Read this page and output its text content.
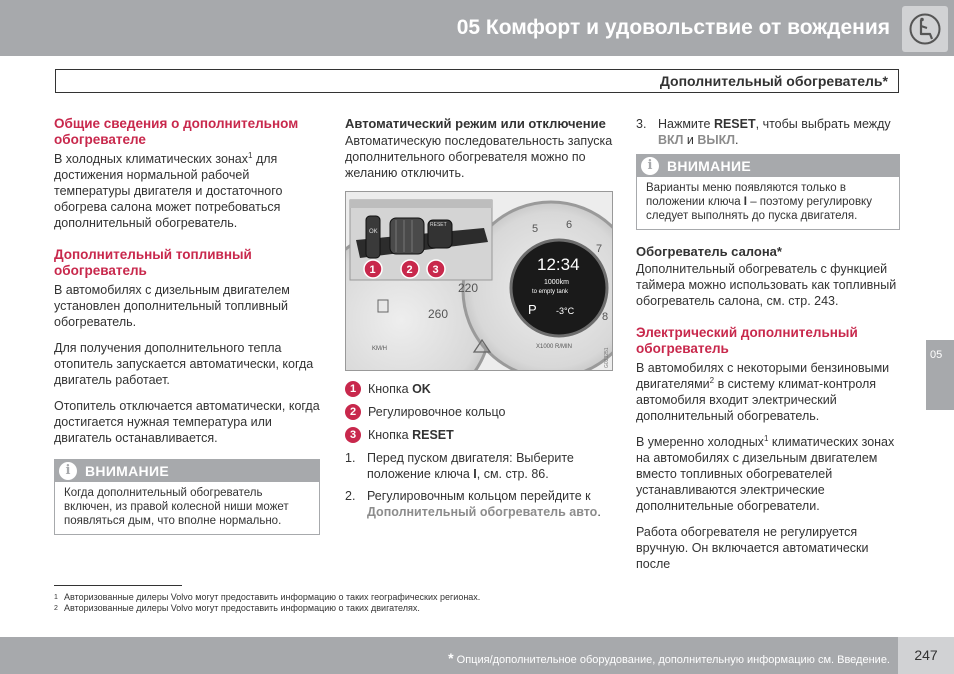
05 Комфорт и удовольствие от вождения
Дополнительный обогреватель*
Общие сведения о дополнительном обогревателе

В холодных климатических зонах$^1$ для достижения нормальной рабочей температуры двигателя и достаточного обогрева салона может потребоваться дополнительный обогреватель.

Дополнительный топливный обогреватель

В автомобилях с дизельным двигателем установлен дополнительный топливный обогреватель.

Для получения дополнительного тепла отопитель запускается автоматически, когда двигатель работает.

Отопитель отключается автоматически, когда достигается нужная температура или двигатель останавливается.

i	ВНИМАНИЕ
Когда дополнительный обогреватель включен, из правой колесной ниши может появляться дым, что вполне нормально.
Автоматический режим или отключение

Автоматическую последовательность запуска дополнительного обогревателя можно по желанию отключить.

OK
RESET
260
220
KM/H
5	6
7
8
X1000 R/MIN
12:34
1000km
to empty tank
P -3°C
G033251
1	2 3
1 Кнопка OK
2 Регулировочное кольцо
3 Кнопка RESET
1. Перед пуском двигателя: Выберите положение ключа I, см. стр. 86.
2. Регулировочным кольцом перейдите к Дополнительный обогреватель авто.
3. Нажмите RESET, чтобы выбрать между ВКЛ и ВЫКЛ.
i	ВНИМАНИЕ
Варианты меню появляются только в положении ключа I – поэтому регулировку следует выполнять до пуска двигателя.
Обогреватель салона*

Дополнительный обогреватель с функцией таймера можно использовать как топливный обогреватель салона, см. стр. 243.

Электрический дополнительный обогреватель

В автомобилях с некоторыми бензиновыми двигателями$^2$ в систему климат-контроля автомобиля входит электрический дополнительный обогреватель.

В умеренно холодных$^1$ климатических зонах на автомобилях с дизельным двигателем вместо топливных обогревателей устанавливаются электрические дополнительные обогреватели.

Работа обогревателя не регулируется вручную. Он включается автоматически после

05
1 Авторизованные дилеры Volvo могут предоставить информацию о таких географических регионах.
2 Авторизованные дилеры Volvo могут предоставить информацию о таких двигателях.
* Опция/дополнительное оборудование, дополнительную информацию см. Введение.	247
